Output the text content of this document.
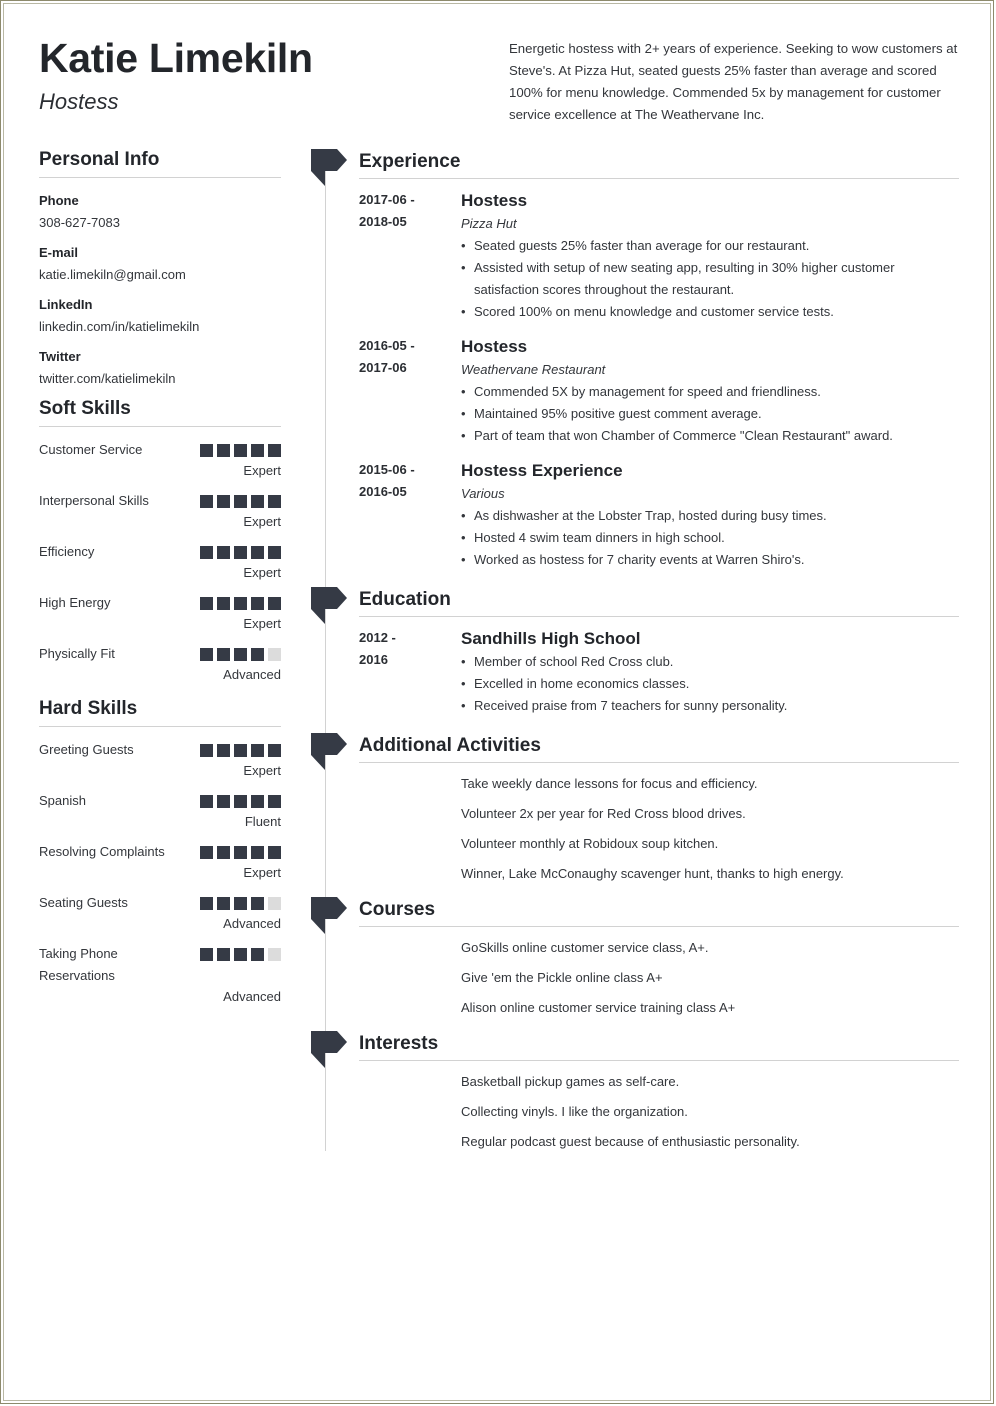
Katie Limekiln
Hostess
Energetic hostess with 2+ years of experience. Seeking to wow customers at Steve's. At Pizza Hut, seated guests 25% faster than average and scored 100% for menu knowledge. Commended 5x by management for customer service excellence at The Weathervane Inc.
Personal Info
Phone
308-627-7083
E-mail
katie.limekiln@gmail.com
LinkedIn
linkedin.com/in/katielimekiln
Twitter
twitter.com/katielimekiln
Soft Skills
Customer Service
Expert
Interpersonal Skills
Expert
Efficiency
Expert
High Energy
Expert
Physically Fit
Advanced
Hard Skills
Greeting Guests
Expert
Spanish
Fluent
Resolving Complaints
Expert
Seating Guests
Advanced
Taking Phone Reservations
Advanced
Experience
2017-06 -
2018-05
Hostess
Pizza Hut
• Seated guests 25% faster than average for our restaurant.
• Assisted with setup of new seating app, resulting in 30% higher customer satisfaction scores throughout the restaurant.
• Scored 100% on menu knowledge and customer service tests.
2016-05 -
2017-06
Hostess
Weathervane Restaurant
• Commended 5X by management for speed and friendliness.
• Maintained 95% positive guest comment average.
• Part of team that won Chamber of Commerce "Clean Restaurant" award.
2015-06 -
2016-05
Hostess Experience
Various
• As dishwasher at the Lobster Trap, hosted during busy times.
• Hosted 4 swim team dinners in high school.
• Worked as hostess for 7 charity events at Warren Shiro's.
Education
2012 -
2016
Sandhills High School
• Member of school Red Cross club.
• Excelled in home economics classes.
• Received praise from 7 teachers for sunny personality.
Additional Activities
Take weekly dance lessons for focus and efficiency.
Volunteer 2x per year for Red Cross blood drives.
Volunteer monthly at Robidoux soup kitchen.
Winner, Lake McConaughy scavenger hunt, thanks to high energy.
Courses
GoSkills online customer service class, A+.
Give 'em the Pickle online class A+
Alison online customer service training class A+
Interests
Basketball pickup games as self-care.
Collecting vinyls. I like the organization.
Regular podcast guest because of enthusiastic personality.
